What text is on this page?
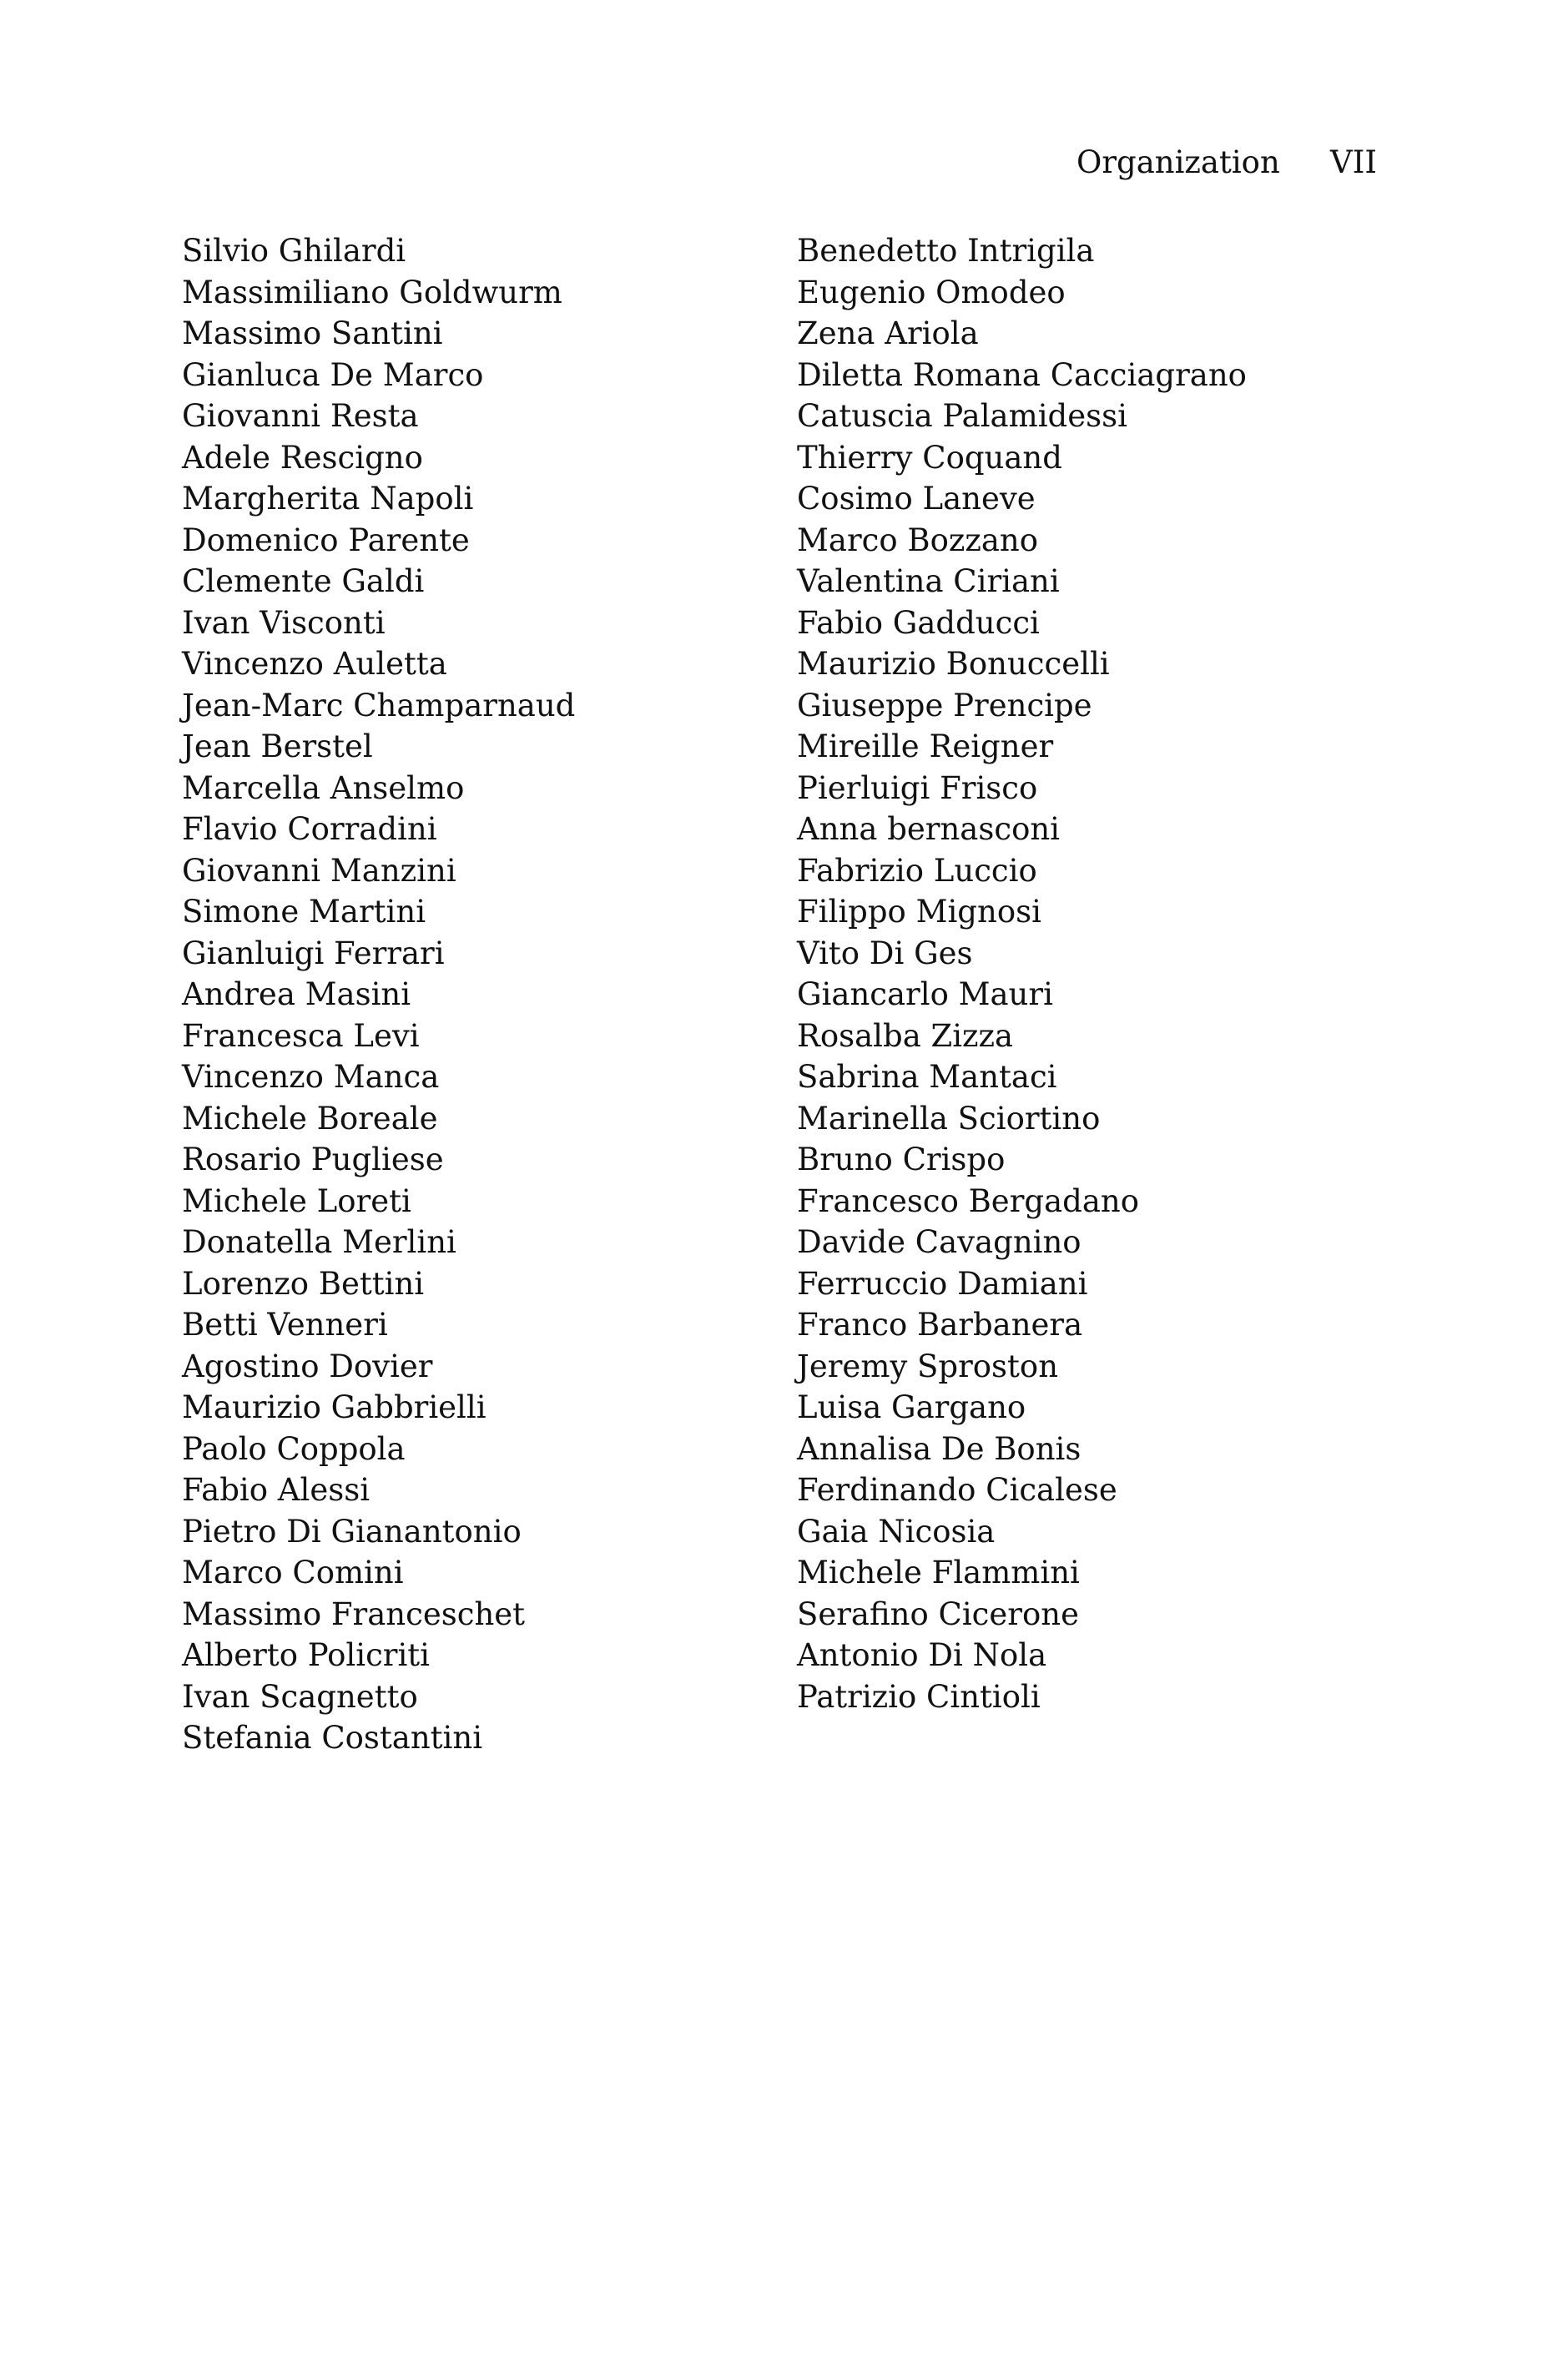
Organization VII
Silvio Ghilardi
Massimiliano Goldwurm
Massimo Santini
Gianluca De Marco
Giovanni Resta
Adele Rescigno
Margherita Napoli
Domenico Parente
Clemente Galdi
Ivan Visconti
Vincenzo Auletta
Jean-Marc Champarnaud
Jean Berstel
Marcella Anselmo
Flavio Corradini
Giovanni Manzini
Simone Martini
Gianluigi Ferrari
Andrea Masini
Francesca Levi
Vincenzo Manca
Michele Boreale
Rosario Pugliese
Michele Loreti
Donatella Merlini
Lorenzo Bettini
Betti Venneri
Agostino Dovier
Maurizio Gabbrielli
Paolo Coppola
Fabio Alessi
Pietro Di Gianantonio
Marco Comini
Massimo Franceschet
Alberto Policriti
Ivan Scagnetto
Stefania Costantini
Benedetto Intrigila
Eugenio Omodeo
Zena Ariola
Diletta Romana Cacciagrano
Catuscia Palamidessi
Thierry Coquand
Cosimo Laneve
Marco Bozzano
Valentina Ciriani
Fabio Gadducci
Maurizio Bonuccelli
Giuseppe Prencipe
Mireille Reigner
Pierluigi Frisco
Anna bernasconi
Fabrizio Luccio
Filippo Mignosi
Vito Di Ges
Giancarlo Mauri
Rosalba Zizza
Sabrina Mantaci
Marinella Sciortino
Bruno Crispo
Francesco Bergadano
Davide Cavagnino
Ferruccio Damiani
Franco Barbanera
Jeremy Sproston
Luisa Gargano
Annalisa De Bonis
Ferdinando Cicalese
Gaia Nicosia
Michele Flammini
Serafino Cicerone
Antonio Di Nola
Patrizio Cintioli
